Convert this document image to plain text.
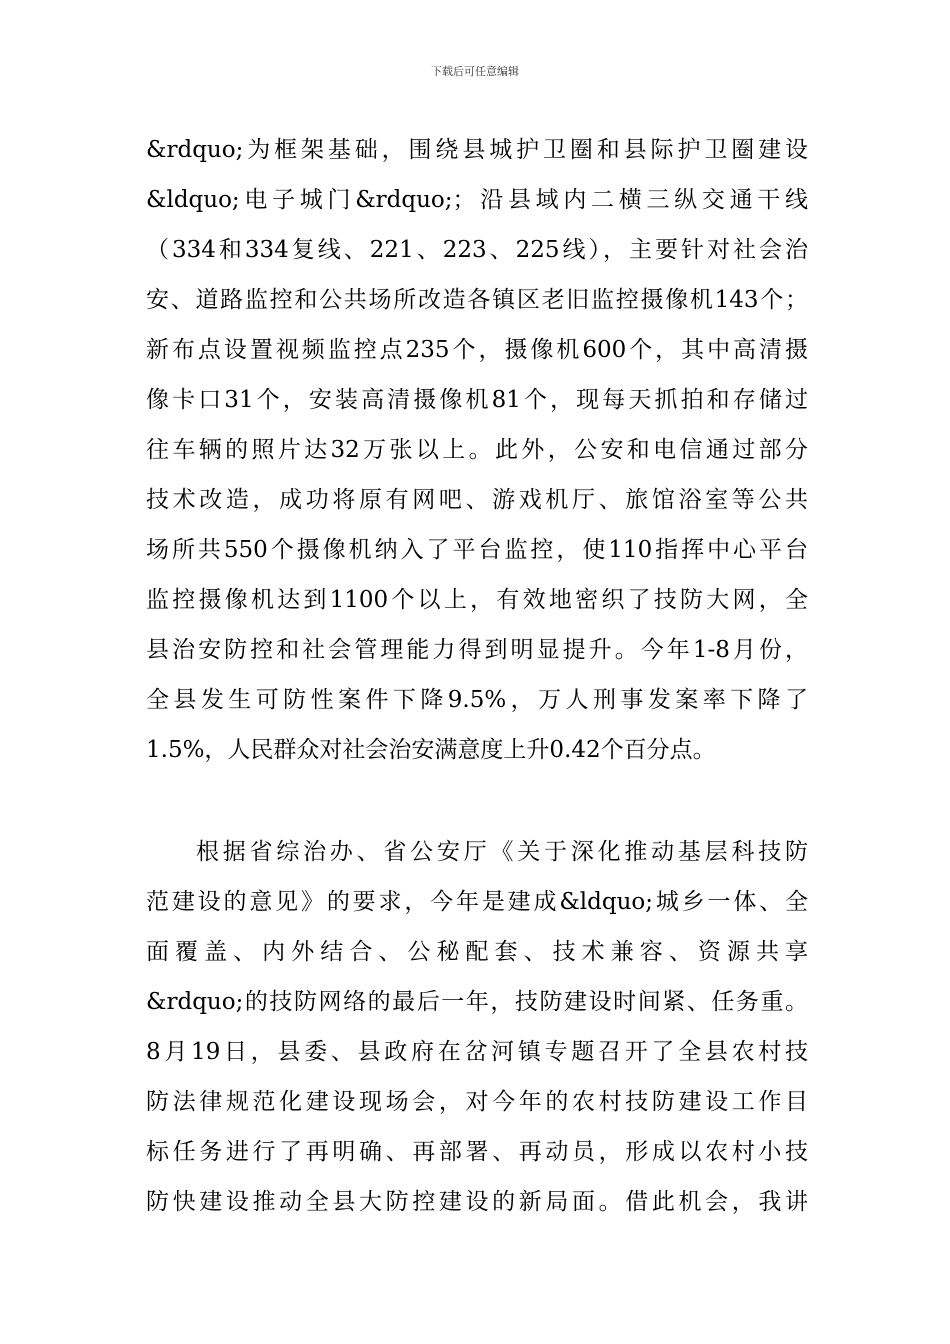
下载后可任意编辑
&rdquo;为框架基础，围绕县城护卫圈和县际护卫圈建设
&ldquo;电子城门&rdquo;；沿县域内二横三纵交通干线
（334和334复线、221、223、225线），主要针对社会治
安、道路监控和公共场所改造各镇区老旧监控摄像机143个；
新布点设置视频监控点235个，摄像机600个，其中高清摄
像卡口31个，安装高清摄像机81个，现每天抓拍和存储过
往车辆的照片达32万张以上。此外，公安和电信通过部分
技术改造，成功将原有网吧、游戏机厅、旅馆浴室等公共
场所共550个摄像机纳入了平台监控，使110指挥中心平台
监控摄像机达到1100个以上，有效地密织了技防大网，全
县治安防控和社会管理能力得到明显提升。今年1-8月份，
全县发生可防性案件下降9.5%，万人刑事发案率下降了
1.5%，人民群众对社会治安满意度上升0.42个百分点。
根据省综治办、省公安厅《关于深化推动基层科技防
范建设的意见》的要求，今年是建成&ldquo;城乡一体、全
面覆盖、内外结合、公秘配套、技术兼容、资源共享
&rdquo;的技防网络的最后一年，技防建设时间紧、任务重。
8月19日，县委、县政府在岔河镇专题召开了全县农村技
防法律规范化建设现场会，对今年的农村技防建设工作目
标任务进行了再明确、再部署、再动员，形成以农村小技
防快建设推动全县大防控建设的新局面。借此机会，我讲
